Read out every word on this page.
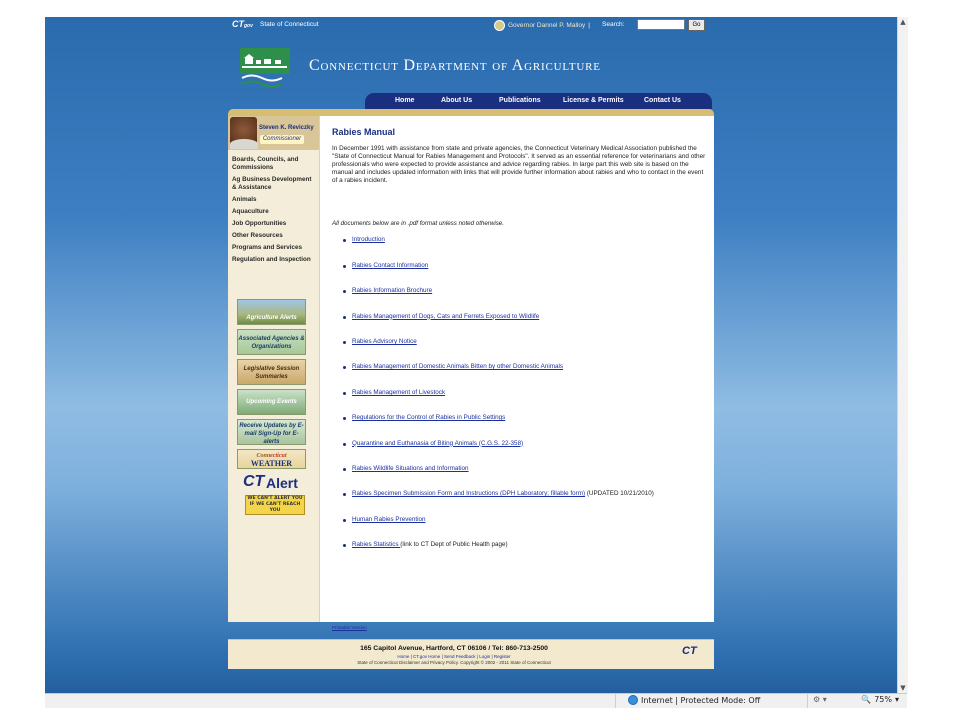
CTgov State of Connecticut	Governor Dannel P. Malloy | Search:	Go
Connecticut Department of Agriculture
Home	About Us	Publications	License & Permits	Contact Us
Steven K. Reviczky
Commissioner
Boards, Councils, and Commissions
Ag Business Development & Assistance
Animals
Aquaculture
Job Opportunities
Other Resources
Programs and Services
Regulation and Inspection
Agriculture Alerts
Associated Agencies & Organizations
Legislative Session Summaries
Upcoming Events
Receive Updates by E-mail Sign-Up for E-alerts
Connecticut
WEATHER
CT Alert
WE CAN'T ALERT YOU
IF WE CAN'T REACH YOU
Rabies Manual

In December 1991 with assistance from state and private agencies, the Connecticut Veterinary Medical Association published the "State of Connecticut Manual for Rabies Management and Protocols". It served as an essential reference for veterinarians and other professionals who were expected to provide assistance and advice regarding rabies. In large part this web site is based on the manual and includes updated information with links that will provide further information about rabies and who to contact in the event of a rabies incident.

All documents below are in .pdf format unless noted otherwise.
Introduction
Rabies Contact Information
Rabies Information Brochure
Rabies Management of Dogs, Cats and Ferrets Exposed to Wildlife
Rabies Advisory Notice
Rabies Management of Domestic Animals Bitten by other Domestic Animals
Rabies Management of Livestock
Regulations for the Control of Rabies in Public Settings
Quarantine and Euthanasia of Biting Animals (C.G.S. 22-358)
Rabies Wildlife Situations and Information
Rabies Specimen Submission Form and Instructions (DPH Laboratory; fillable form) (UPDATED 10/21/2010)
Human Rabies Prevention
Rabies Statistics (link to CT Dept of Public Health page)
Printable Version
165 Capitol Avenue, Hartford, CT 06106 / Tel: 860-713-2500
Home | CT.gov Home | Send Feedback | Login | Register
State of Connecticut Disclaimer and Privacy Policy. Copyright © 2002 - 2011 State of Connecticut
CT
▲
▼
Internet | Protected Mode: Off	⚙ ▾	🔍 75% ▾
